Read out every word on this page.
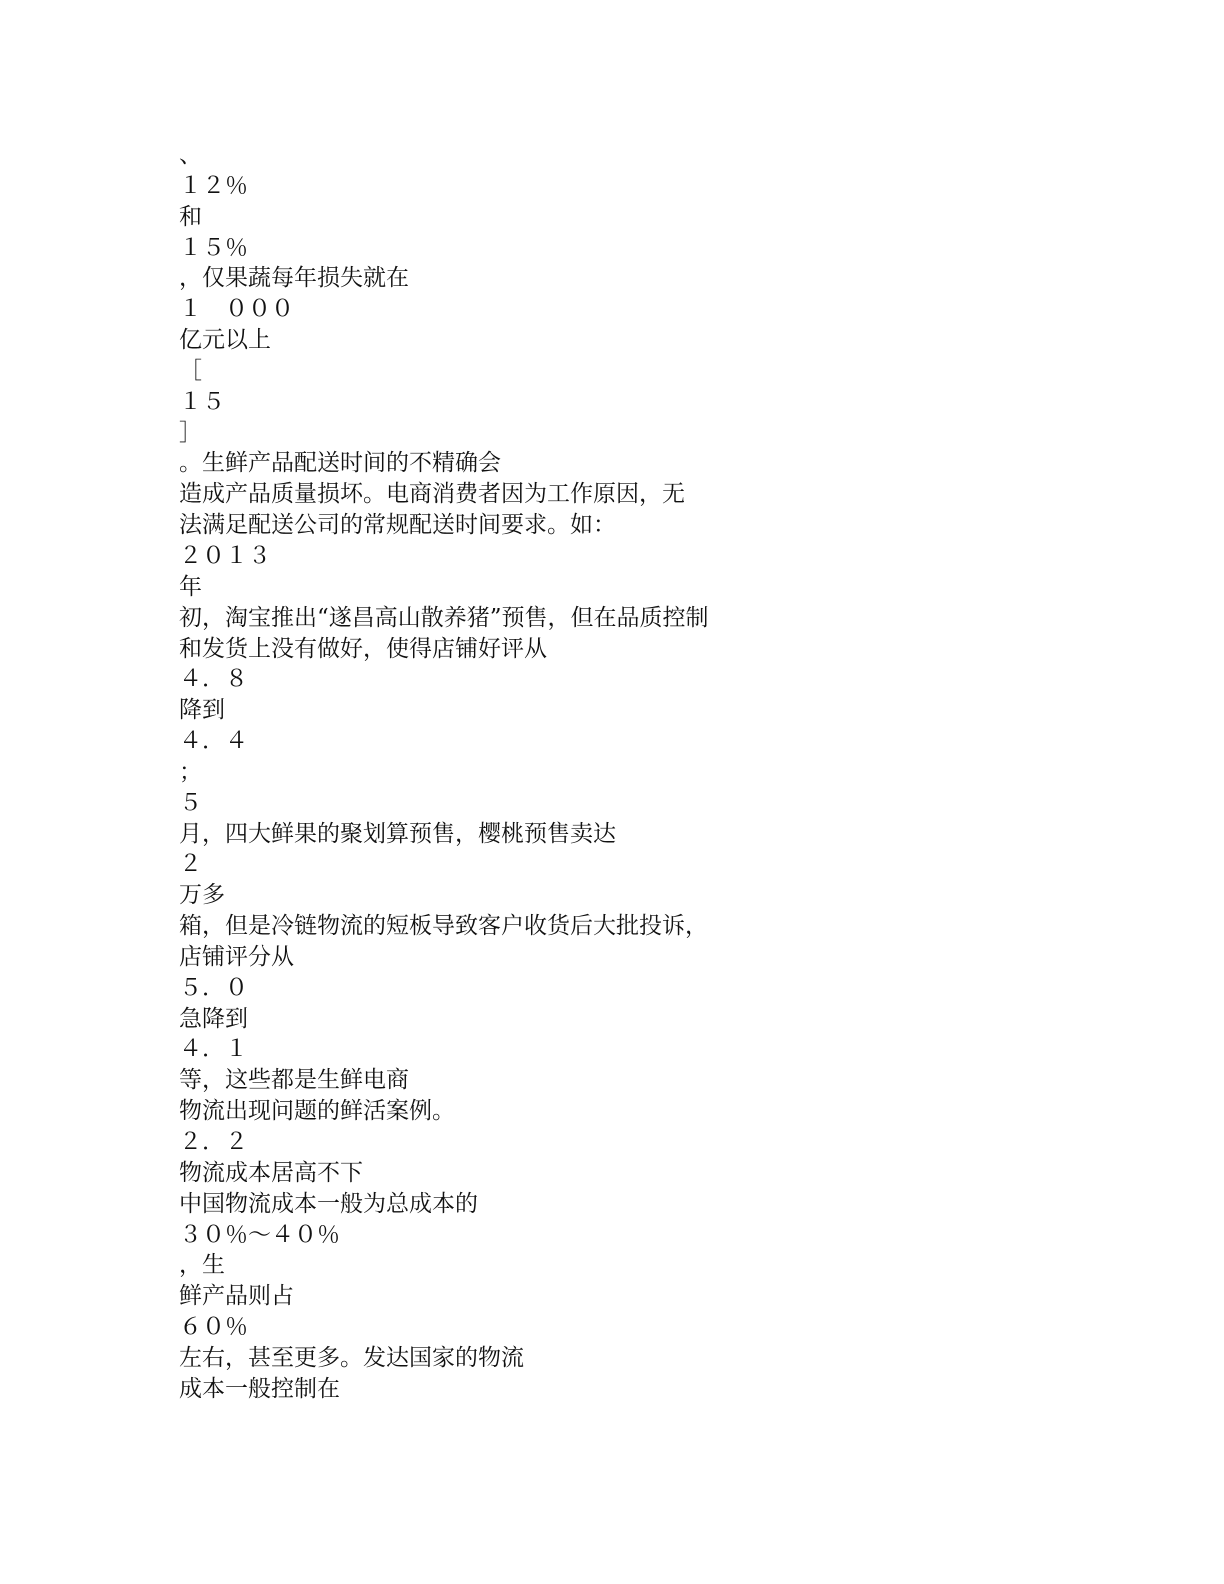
、

１２％

和

１５％

，仅果蔬每年损失就在

１　０００

亿元以上

［

１５

］

。生鲜产品配送时间的不精确会

造成产品质量损坏。电商消费者因为工作原因，无

法满足配送公司的常规配送时间要求。如：

２０１３

年

初，淘宝推出“遂昌高山散养猪”预售，但在品质控制

和发货上没有做好，使得店铺好评从

４．８

降到

４．４

；

５

月，四大鲜果的聚划算预售，樱桃预售卖达

２

万多

箱，但是冷链物流的短板导致客户收货后大批投诉，

店铺评分从

５．０

急降到

４．１

等，这些都是生鲜电商

物流出现问题的鲜活案例。

２．２

物流成本居高不下

中国物流成本一般为总成本的

３０％～４０％

，生

鲜产品则占

６０％

左右，甚至更多。发达国家的物流

成本一般控制在
